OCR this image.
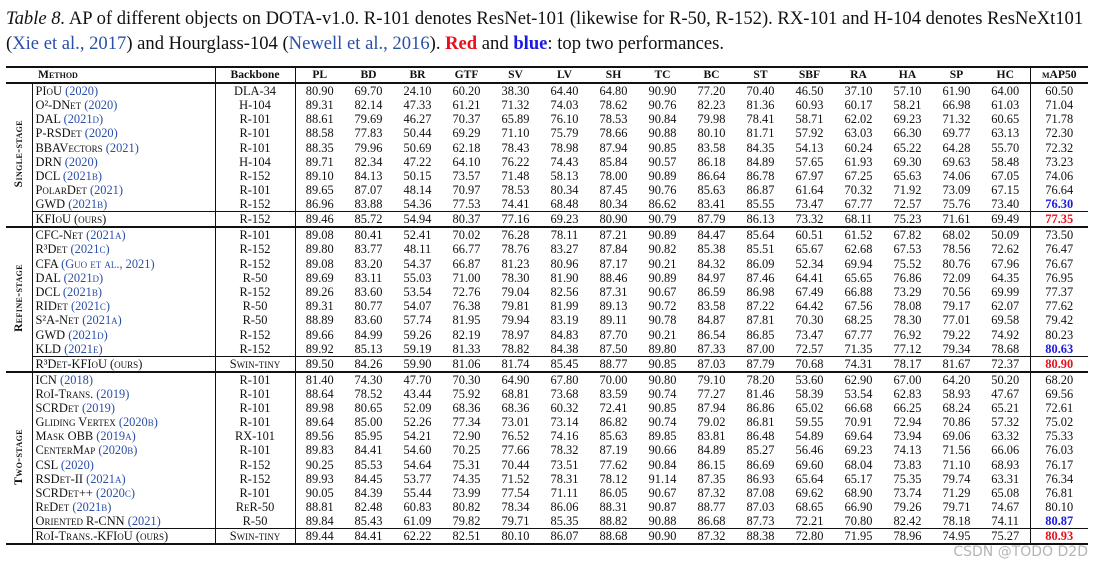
Table 8. AP of different objects on DOTA-v1.0. R-101 denotes ResNet-101 (likewise for R-50, R-152). RX-101 and H-104 denotes ResNeXt101 (Xie et al., 2017) and Hourglass-104 (Newell et al., 2016). Red and blue: top two performances.
Method		Backbone	PL	BD	BR	GTF	SV	LV	SH	TC	BC	ST	SBF	RA	HA	SP	HC	mAP50
Single-stage	PIoU (2020)	DLA-34	80.90	69.70	24.10	60.20	38.30	64.40	64.80	90.90	77.20	70.40	46.50	37.10	57.10	61.90	64.00	60.50
	O²-DNet (2020)	H-104	89.31	82.14	47.33	61.21	71.32	74.03	78.62	90.76	82.23	81.36	60.93	60.17	58.21	66.98	61.03	71.04
	DAL (2021d)	R-101	88.61	79.69	46.27	70.37	65.89	76.10	78.53	90.84	79.98	78.41	58.71	62.02	69.23	71.32	60.65	71.78
	P-RSDet (2020)	R-101	88.58	77.83	50.44	69.29	71.10	75.79	78.66	90.88	80.10	81.71	57.92	63.03	66.30	69.77	63.13	72.30
	BBAVectors (2021)	R-101	88.35	79.96	50.69	62.18	78.43	78.98	87.94	90.85	83.58	84.35	54.13	60.24	65.22	64.28	55.70	72.32
	DRN (2020)	H-104	89.71	82.34	47.22	64.10	76.22	74.43	85.84	90.57	86.18	84.89	57.65	61.93	69.30	69.63	58.48	73.23
	DCL (2021b)	R-152	89.10	84.13	50.15	73.57	71.48	58.13	78.00	90.89	86.64	86.78	67.97	67.25	65.63	74.06	67.05	74.06
	PolarDet (2021)	R-101	89.65	87.07	48.14	70.97	78.53	80.34	87.45	90.76	85.63	86.87	61.64	70.32	71.92	73.09	67.15	76.64
	GWD (2021b)	R-152	86.96	83.88	54.36	77.53	74.41	68.48	80.34	86.62	83.41	85.55	73.47	67.77	72.57	75.76	73.40	76.30
	KFIoU (ours)	R-152	89.46	85.72	54.94	80.37	77.16	69.23	80.90	90.79	87.79	86.13	73.32	68.11	75.23	71.61	69.49	77.35
Refine-stage	CFC-Net (2021a)	R-101	89.08	80.41	52.41	70.02	76.28	78.11	87.21	90.89	84.47	85.64	60.51	61.52	67.82	68.02	50.09	73.50
	R³Det (2021c)	R-152	89.80	83.77	48.11	66.77	78.76	83.27	87.84	90.82	85.38	85.51	65.67	62.68	67.53	78.56	72.62	76.47
	CFA (Guo et al., 2021)	R-152	89.08	83.20	54.37	66.87	81.23	80.96	87.17	90.21	84.32	86.09	52.34	69.94	75.52	80.76	67.96	76.67
	DAL (2021d)	R-50	89.69	83.11	55.03	71.00	78.30	81.90	88.46	90.89	84.97	87.46	64.41	65.65	76.86	72.09	64.35	76.95
	DCL (2021b)	R-152	89.26	83.60	53.54	72.76	79.04	82.56	87.31	90.67	86.59	86.98	67.49	66.88	73.29	70.56	69.99	77.37
	RIDet (2021c)	R-50	89.31	80.77	54.07	76.38	79.81	81.99	89.13	90.72	83.58	87.22	64.42	67.56	78.08	79.17	62.07	77.62
	S²A-Net (2021a)	R-50	88.89	83.60	57.74	81.95	79.94	83.19	89.11	90.78	84.87	87.81	70.30	68.25	78.30	77.01	69.58	79.42
	GWD (2021d)	R-152	89.66	84.99	59.26	82.19	78.97	84.83	87.70	90.21	86.54	86.85	73.47	67.77	76.92	79.22	74.92	80.23
	KLD (2021e)	R-152	89.92	85.13	59.19	81.33	78.82	84.38	87.50	89.80	87.33	87.00	72.57	71.35	77.12	79.34	78.68	80.63
	R³Det-KFIoU (ours)	Swin-tiny	89.50	84.26	59.90	81.06	81.74	85.45	88.77	90.85	87.03	87.79	70.68	74.31	78.17	81.67	72.37	80.90
Two-stage	ICN (2018)	R-101	81.40	74.30	47.70	70.30	64.90	67.80	70.00	90.80	79.10	78.20	53.60	62.90	67.00	64.20	50.20	68.20
	RoI-Trans. (2019)	R-101	88.64	78.52	43.44	75.92	68.81	73.68	83.59	90.74	77.27	81.46	58.39	53.54	62.83	58.93	47.67	69.56
	SCRDet (2019)	R-101	89.98	80.65	52.09	68.36	68.36	60.32	72.41	90.85	87.94	86.86	65.02	66.68	66.25	68.24	65.21	72.61
	Gliding Vertex (2020b)	R-101	89.64	85.00	52.26	77.34	73.01	73.14	86.82	90.74	79.02	86.81	59.55	70.91	72.94	70.86	57.32	75.02
	Mask OBB (2019a)	RX-101	89.56	85.95	54.21	72.90	76.52	74.16	85.63	89.85	83.81	86.48	54.89	69.64	73.94	69.06	63.32	75.33
	CenterMap (2020b)	R-101	89.83	84.41	54.60	70.25	77.66	78.32	87.19	90.66	84.89	85.27	56.46	69.23	74.13	71.56	66.06	76.03
	CSL (2020)	R-152	90.25	85.53	54.64	75.31	70.44	73.51	77.62	90.84	86.15	86.69	69.60	68.04	73.83	71.10	68.93	76.17
	RSDet-II (2021a)	R-152	89.93	84.45	53.77	74.35	71.52	78.31	78.12	91.14	87.35	86.93	65.64	65.17	75.35	79.74	63.31	76.34
	SCRDet++ (2020c)	R-101	90.05	84.39	55.44	73.99	77.54	71.11	86.05	90.67	87.32	87.08	69.62	68.90	73.74	71.29	65.08	76.81
	ReDet (2021b)	ReR-50	88.81	82.48	60.83	80.82	78.34	86.06	88.31	90.87	88.77	87.03	68.65	66.90	79.26	79.71	74.67	80.10
	Oriented R-CNN (2021)	R-50	89.84	85.43	61.09	79.82	79.71	85.35	88.82	90.88	86.68	87.73	72.21	70.80	82.42	78.18	74.11	80.87
	RoI-Trans.-KFIoU (ours)	Swin-tiny	89.44	84.41	62.22	82.51	80.10	86.07	88.68	90.90	87.32	88.38	72.80	71.95	78.96	74.95	75.27	80.93
CSDN @TODO D2D
